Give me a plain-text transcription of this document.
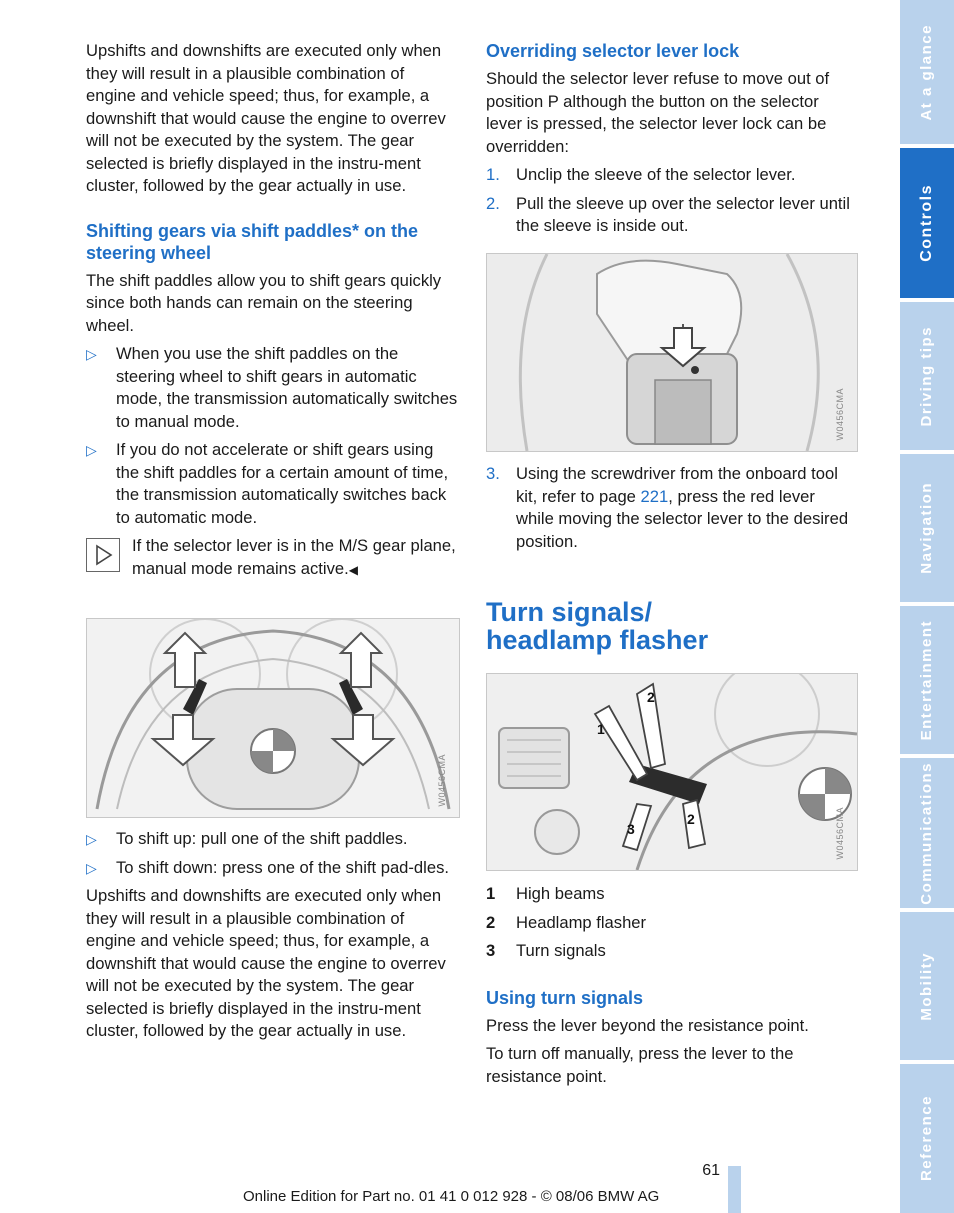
Upshifts and downshifts are executed only when they will result in a plausible combination of engine and vehicle speed; thus, for example, a downshift that would cause the engine to overrev will not be executed by the system. The gear selected is briefly displayed in the instru-ment cluster, followed by the gear actually in use.

Shifting gears via shift paddles* on the steering wheel

The shift paddles allow you to shift gears quickly since both hands can remain on the steering wheel.

▷	When you use the shift paddles on the steering wheel to shift gears in automatic mode, the transmission automatically switches to manual mode.
▷	If you do not accelerate or shift gears using the shift paddles for a certain amount of time, the transmission automatically switches back to automatic mode.

If the selector lever is in the M/S gear plane, manual mode remains active.◀

W0456CMA
▷	To shift up: pull one of the shift paddles.
▷	To shift down: press one of the shift pad-dles.

Upshifts and downshifts are executed only when they will result in a plausible combination of engine and vehicle speed; thus, for example, a downshift that would cause the engine to overrev will not be executed by the system. The gear selected is briefly displayed in the instru-ment cluster, followed by the gear actually in use.

Overriding selector lever lock

Should the selector lever refuse to move out of position P although the button on the selector lever is pressed, the selector lever lock can be overridden:

1. Unclip the sleeve of the selector lever.
2. Pull the sleeve up over the selector lever until the sleeve is inside out.
W0456CMA
3. Using the screwdriver from the onboard tool kit, refer to page 221, press the red lever while moving the selector lever to the desired position.
Turn signals/
headlamp flasher
1
2
2
3	W0456CMA
1	High beams
2	Headlamp flasher
3	Turn signals
Using turn signals

Press the lever beyond the resistance point.

To turn off manually, press the lever to the resistance point.

At a glance
Controls
Driving tips
Navigation
Entertainment
Communications
Mobility
Reference
61
Online Edition for Part no. 01 41 0 012 928 - © 08/06 BMW AG
